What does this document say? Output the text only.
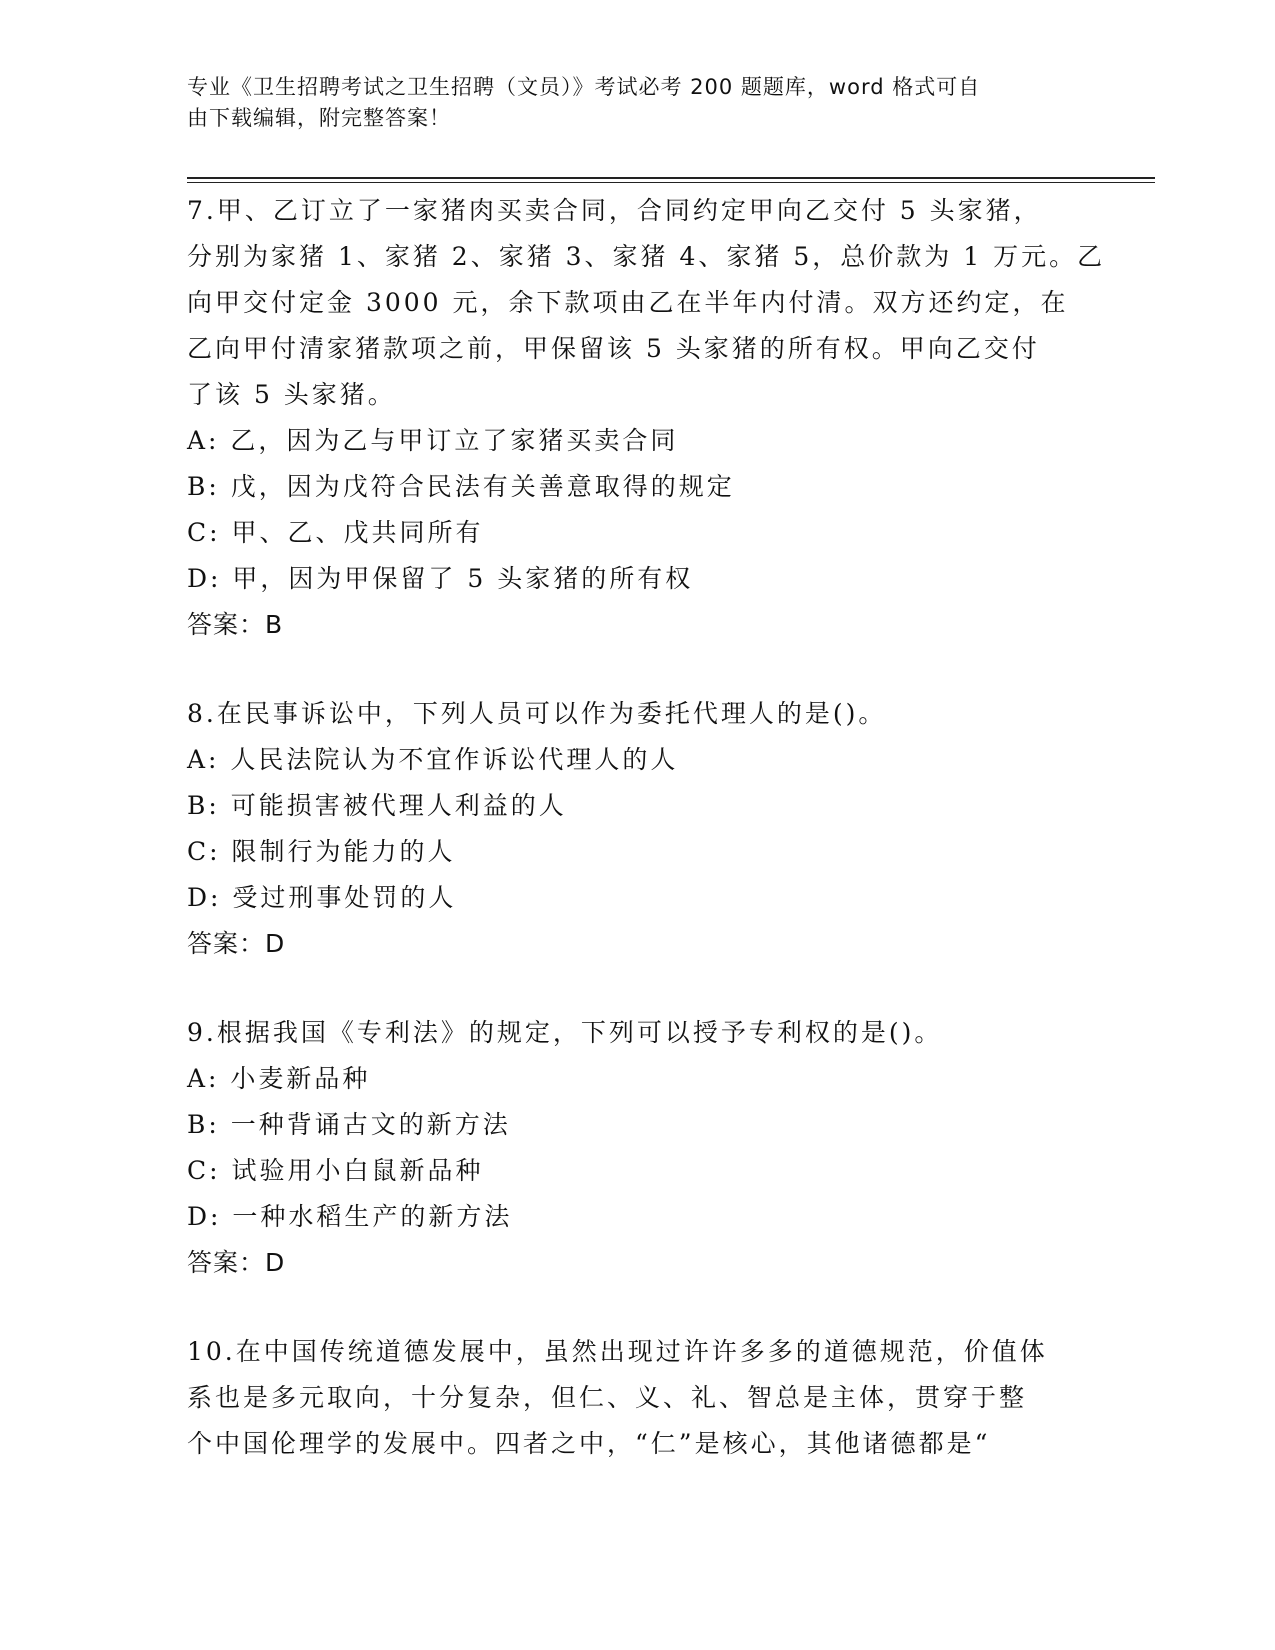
专业《卫生招聘考试之卫生招聘（文员）》考试必考 200 题题库，word 格式可自
由下载编辑，附完整答案！
7.甲、乙订立了一家猪肉买卖合同，合同约定甲向乙交付 5 头家猪，
分别为家猪 1、家猪 2、家猪 3、家猪 4、家猪 5，总价款为 1 万元。乙
向甲交付定金 3000 元，余下款项由乙在半年内付清。双方还约定，在
乙向甲付清家猪款项之前，甲保留该 5 头家猪的所有权。甲向乙交付
了该 5 头家猪。
A: 乙，因为乙与甲订立了家猪买卖合同
B: 戊，因为戊符合民法有关善意取得的规定
C: 甲、乙、戊共同所有
D: 甲，因为甲保留了 5 头家猪的所有权
答案：B
8.在民事诉讼中，下列人员可以作为委托代理人的是()。
A: 人民法院认为不宜作诉讼代理人的人
B: 可能损害被代理人利益的人
C: 限制行为能力的人
D: 受过刑事处罚的人
答案：D
9.根据我国《专利法》的规定，下列可以授予专利权的是()。
A: 小麦新品种
B: 一种背诵古文的新方法
C: 试验用小白鼠新品种
D: 一种水稻生产的新方法
答案：D
10.在中国传统道德发展中，虽然出现过许许多多的道德规范，价值体
系也是多元取向，十分复杂，但仁、义、礼、智总是主体，贯穿于整
个中国伦理学的发展中。四者之中，“仁”是核心，其他诸德都是“
